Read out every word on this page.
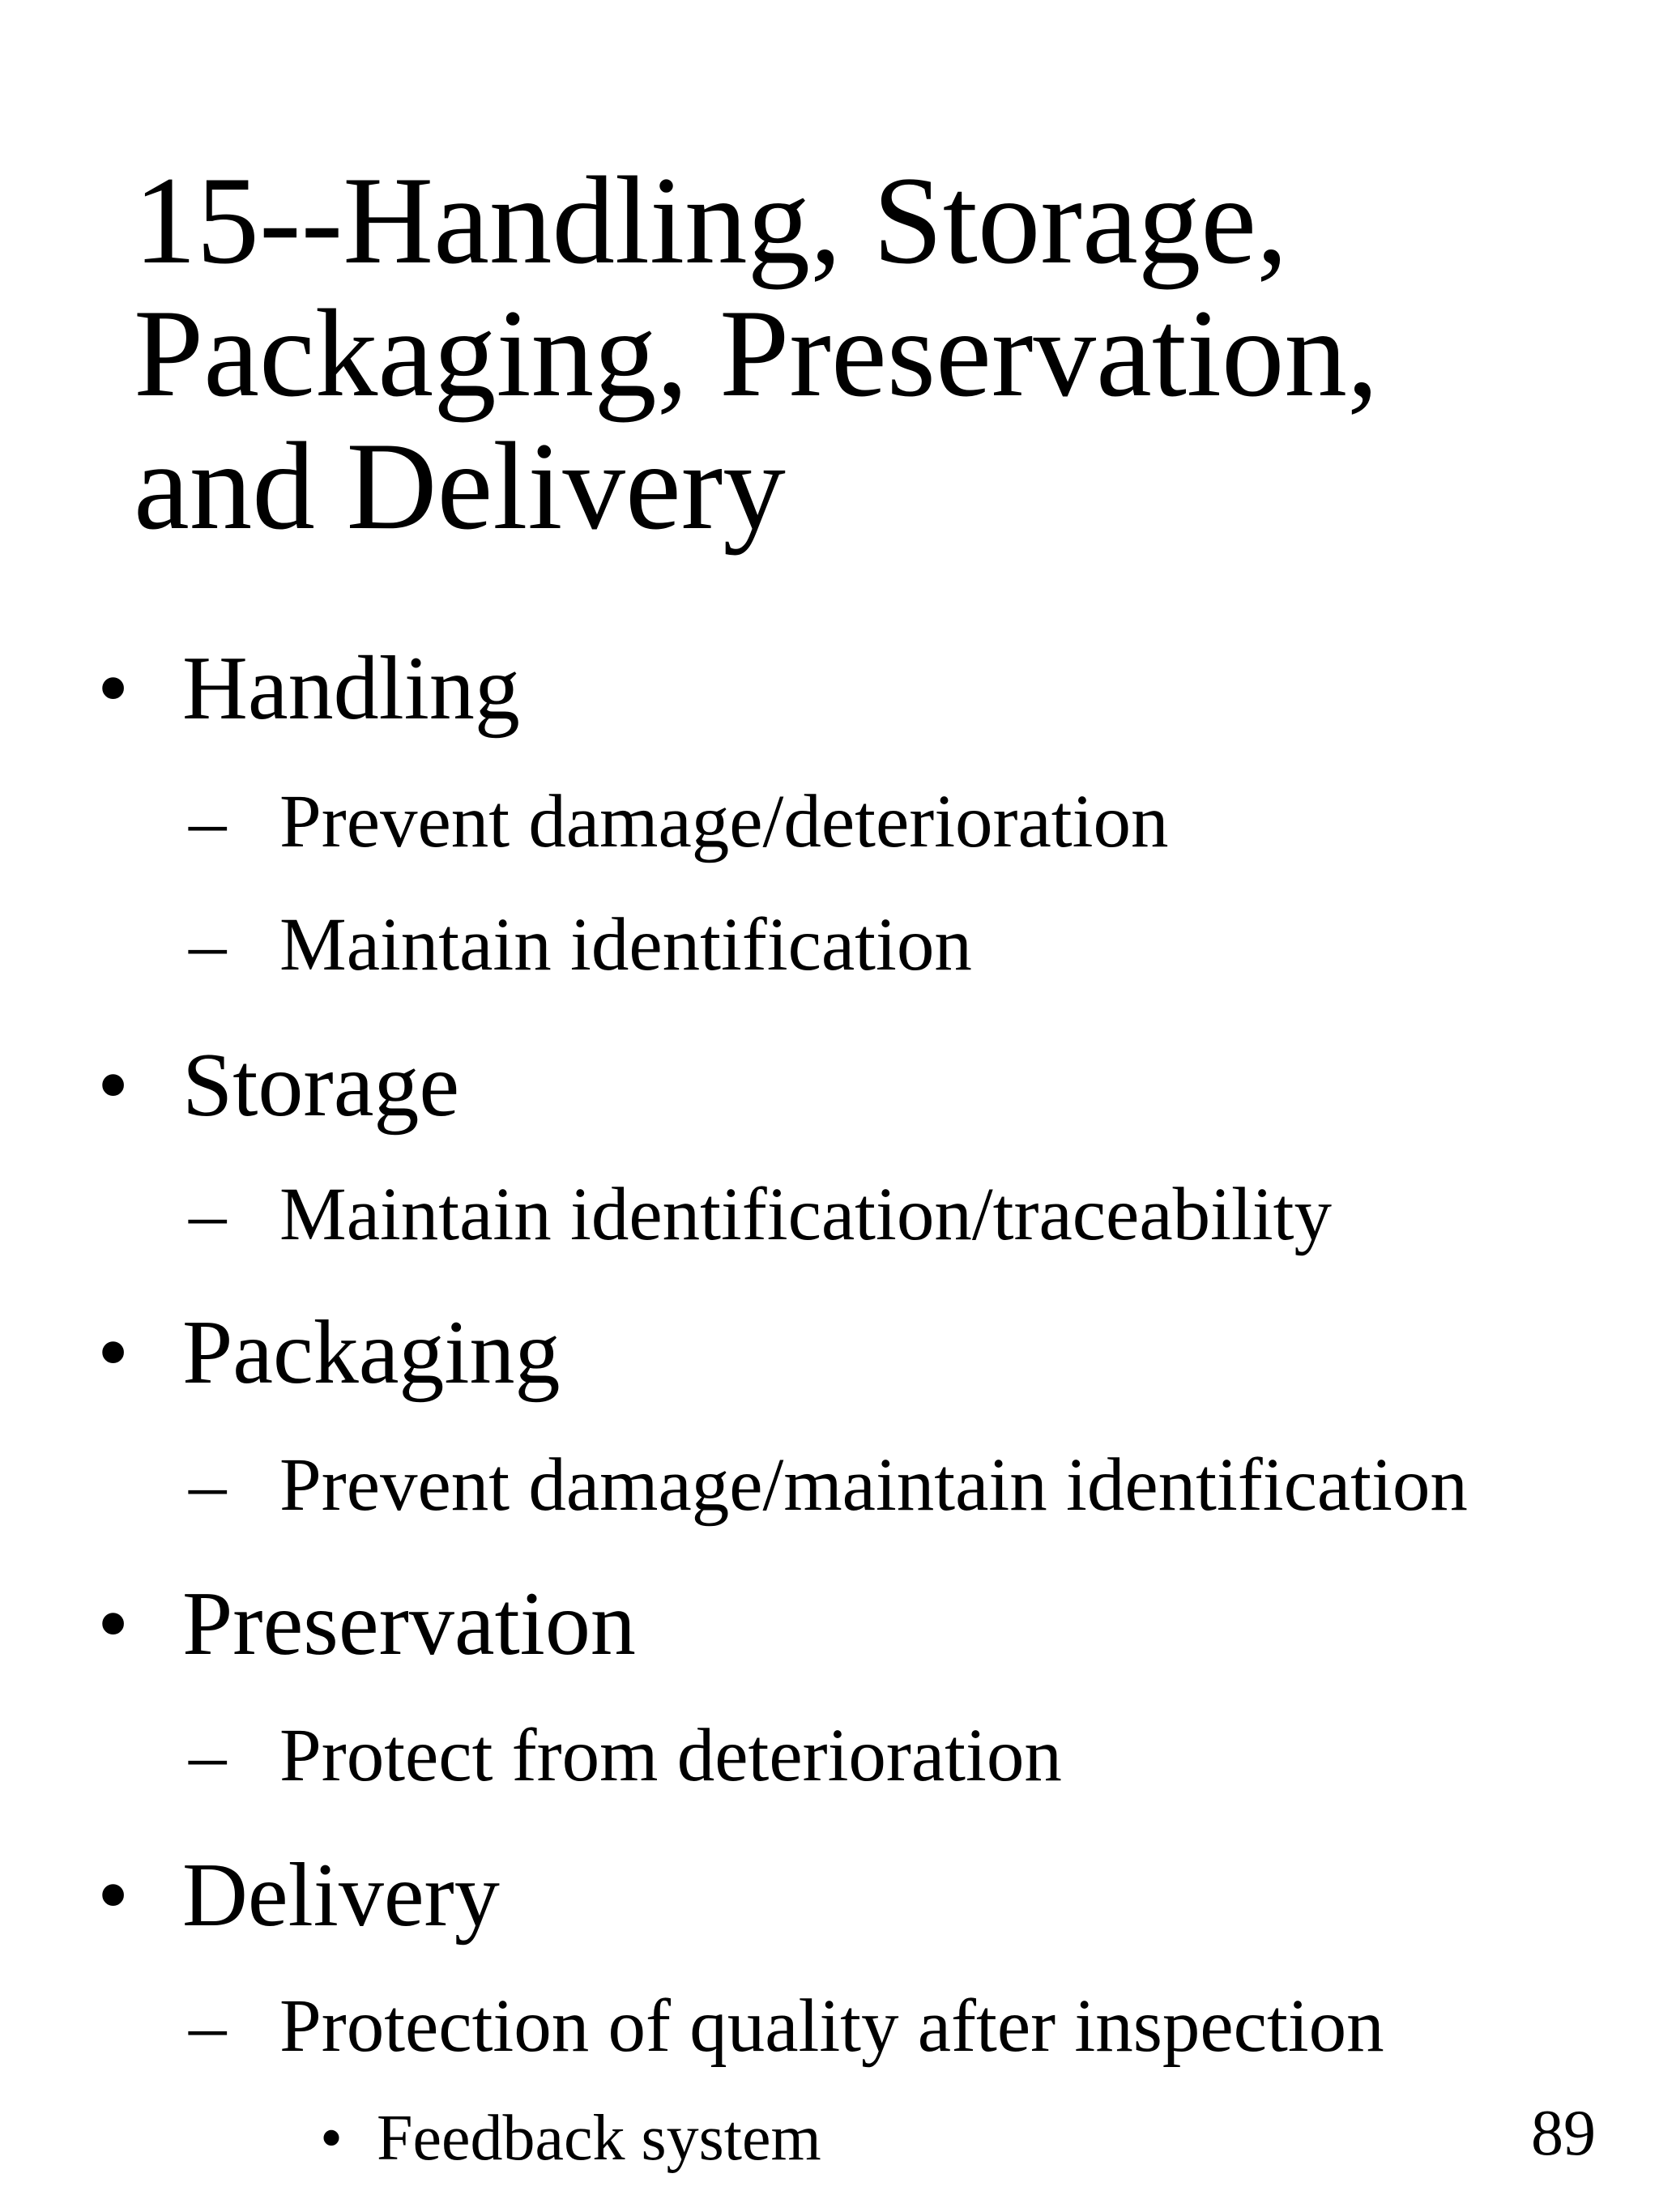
15--Handling, Storage,
Packaging, Preservation,
and Delivery
• Handling
– Prevent damage/deterioration
– Maintain identification
• Storage
– Maintain identification/traceability
• Packaging
– Prevent damage/maintain identification
• Preservation
– Protect from deterioration
• Delivery
– Protection of quality after inspection
• Feedback system	89
